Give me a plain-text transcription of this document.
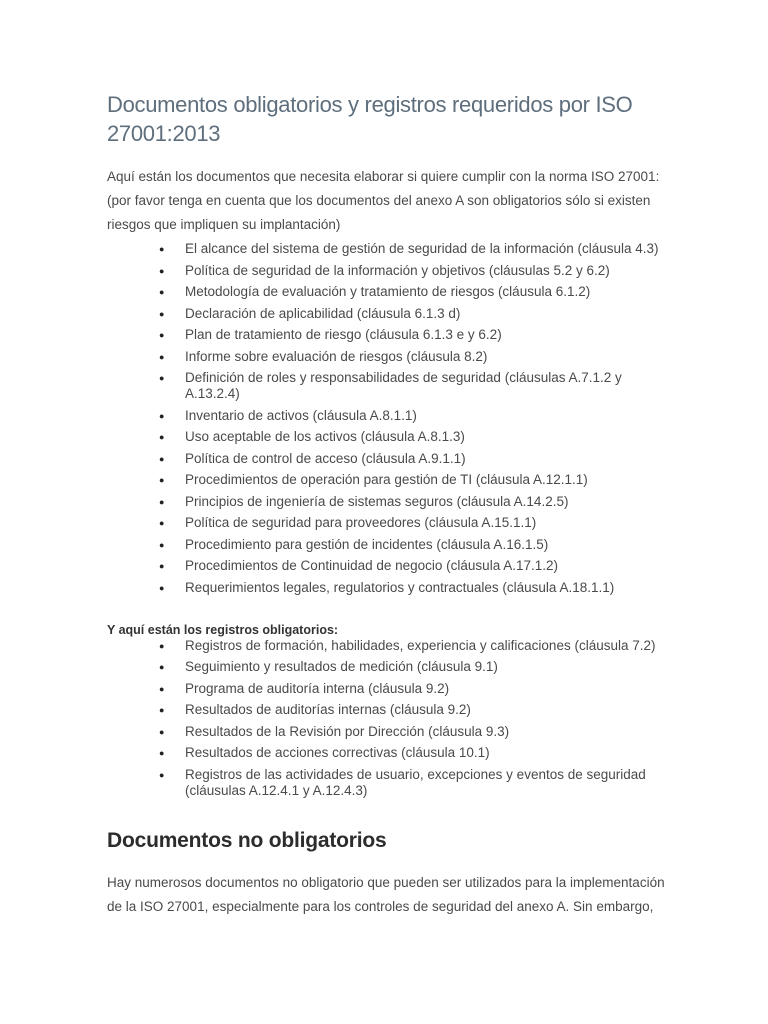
Documentos obligatorios y registros requeridos por ISO 27001:2013

Aquí están los documentos que necesita elaborar si quiere cumplir con la norma ISO 27001: (por favor tenga en cuenta que los documentos del anexo A son obligatorios sólo si existen riesgos que impliquen su implantación)

● El alcance del sistema de gestión de seguridad de la información (cláusula 4.3)
● Política de seguridad de la información y objetivos (cláusulas 5.2 y 6.2)
● Metodología de evaluación y tratamiento de riesgos (cláusula 6.1.2)
● Declaración de aplicabilidad (cláusula 6.1.3 d)
● Plan de tratamiento de riesgo (cláusula 6.1.3 e y 6.2)
● Informe sobre evaluación de riesgos (cláusula 8.2)
● Definición de roles y responsabilidades de seguridad (cláusulas A.7.1.2 y A.13.2.4)
● Inventario de activos (cláusula A.8.1.1)
● Uso aceptable de los activos (cláusula A.8.1.3)
● Política de control de acceso (cláusula A.9.1.1)
● Procedimientos de operación para gestión de TI (cláusula A.12.1.1)
● Principios de ingeniería de sistemas seguros (cláusula A.14.2.5)
● Política de seguridad para proveedores (cláusula A.15.1.1)
● Procedimiento para gestión de incidentes (cláusula A.16.1.5)
● Procedimientos de Continuidad de negocio (cláusula A.17.1.2)
● Requerimientos legales, regulatorios y contractuales (cláusula A.18.1.1)

Y aquí están los registros obligatorios:

● Registros de formación, habilidades, experiencia y calificaciones (cláusula 7.2)
● Seguimiento y resultados de medición (cláusula 9.1)
● Programa de auditoría interna (cláusula 9.2)
● Resultados de auditorías internas (cláusula 9.2)
● Resultados de la Revisión por Dirección (cláusula 9.3)
● Resultados de acciones correctivas (cláusula 10.1)
● Registros de las actividades de usuario, excepciones y eventos de seguridad (cláusulas A.12.4.1 y A.12.4.3)
Documentos no obligatorios

Hay numerosos documentos no obligatorio que pueden ser utilizados para la implementación de la ISO 27001, especialmente para los controles de seguridad del anexo A. Sin embargo,
